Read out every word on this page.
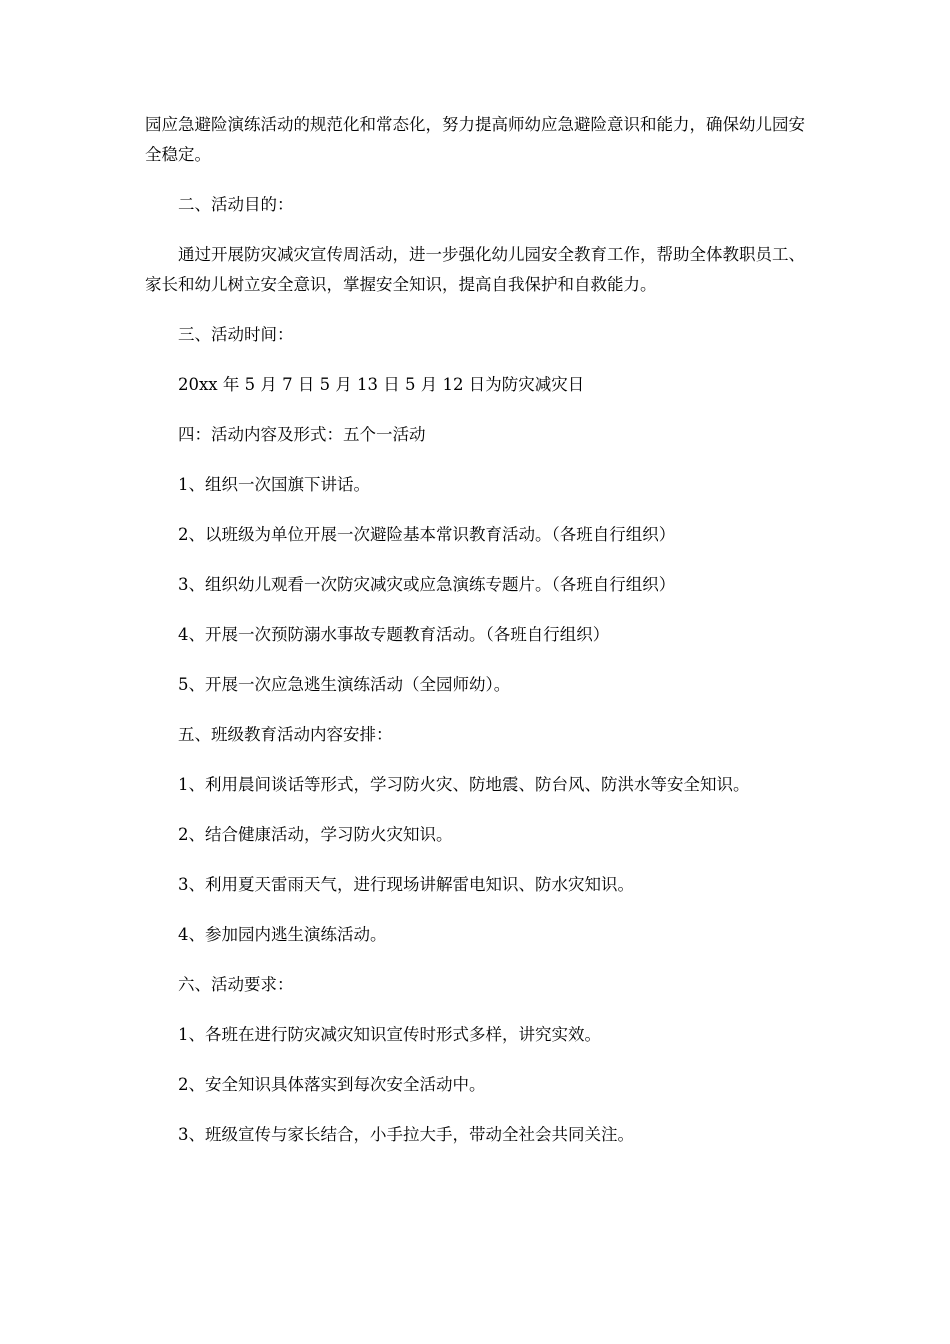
园应急避险演练活动的规范化和常态化，努力提高师幼应急避险意识和能力，确保幼儿园安全稳定。

二、活动目的：

通过开展防灾减灾宣传周活动，进一步强化幼儿园安全教育工作，帮助全体教职员工、家长和幼儿树立安全意识，掌握安全知识，提高自我保护和自救能力。

三、活动时间：

20xx 年 5 月 7 日 5 月 13 日 5 月 12 日为防灾减灾日

四：活动内容及形式：五个一活动

1、组织一次国旗下讲话。

2、以班级为单位开展一次避险基本常识教育活动。（各班自行组织）

3、组织幼儿观看一次防灾减灾或应急演练专题片。（各班自行组织）

4、开展一次预防溺水事故专题教育活动。（各班自行组织）

5、开展一次应急逃生演练活动（全园师幼）。

五、班级教育活动内容安排：

1、利用晨间谈话等形式，学习防火灾、防地震、防台风、防洪水等安全知识。

2、结合健康活动，学习防火灾知识。

3、利用夏天雷雨天气，进行现场讲解雷电知识、防水灾知识。

4、参加园内逃生演练活动。

六、活动要求：

1、各班在进行防灾减灾知识宣传时形式多样，讲究实效。

2、安全知识具体落实到每次安全活动中。

3、班级宣传与家长结合，小手拉大手，带动全社会共同关注。
